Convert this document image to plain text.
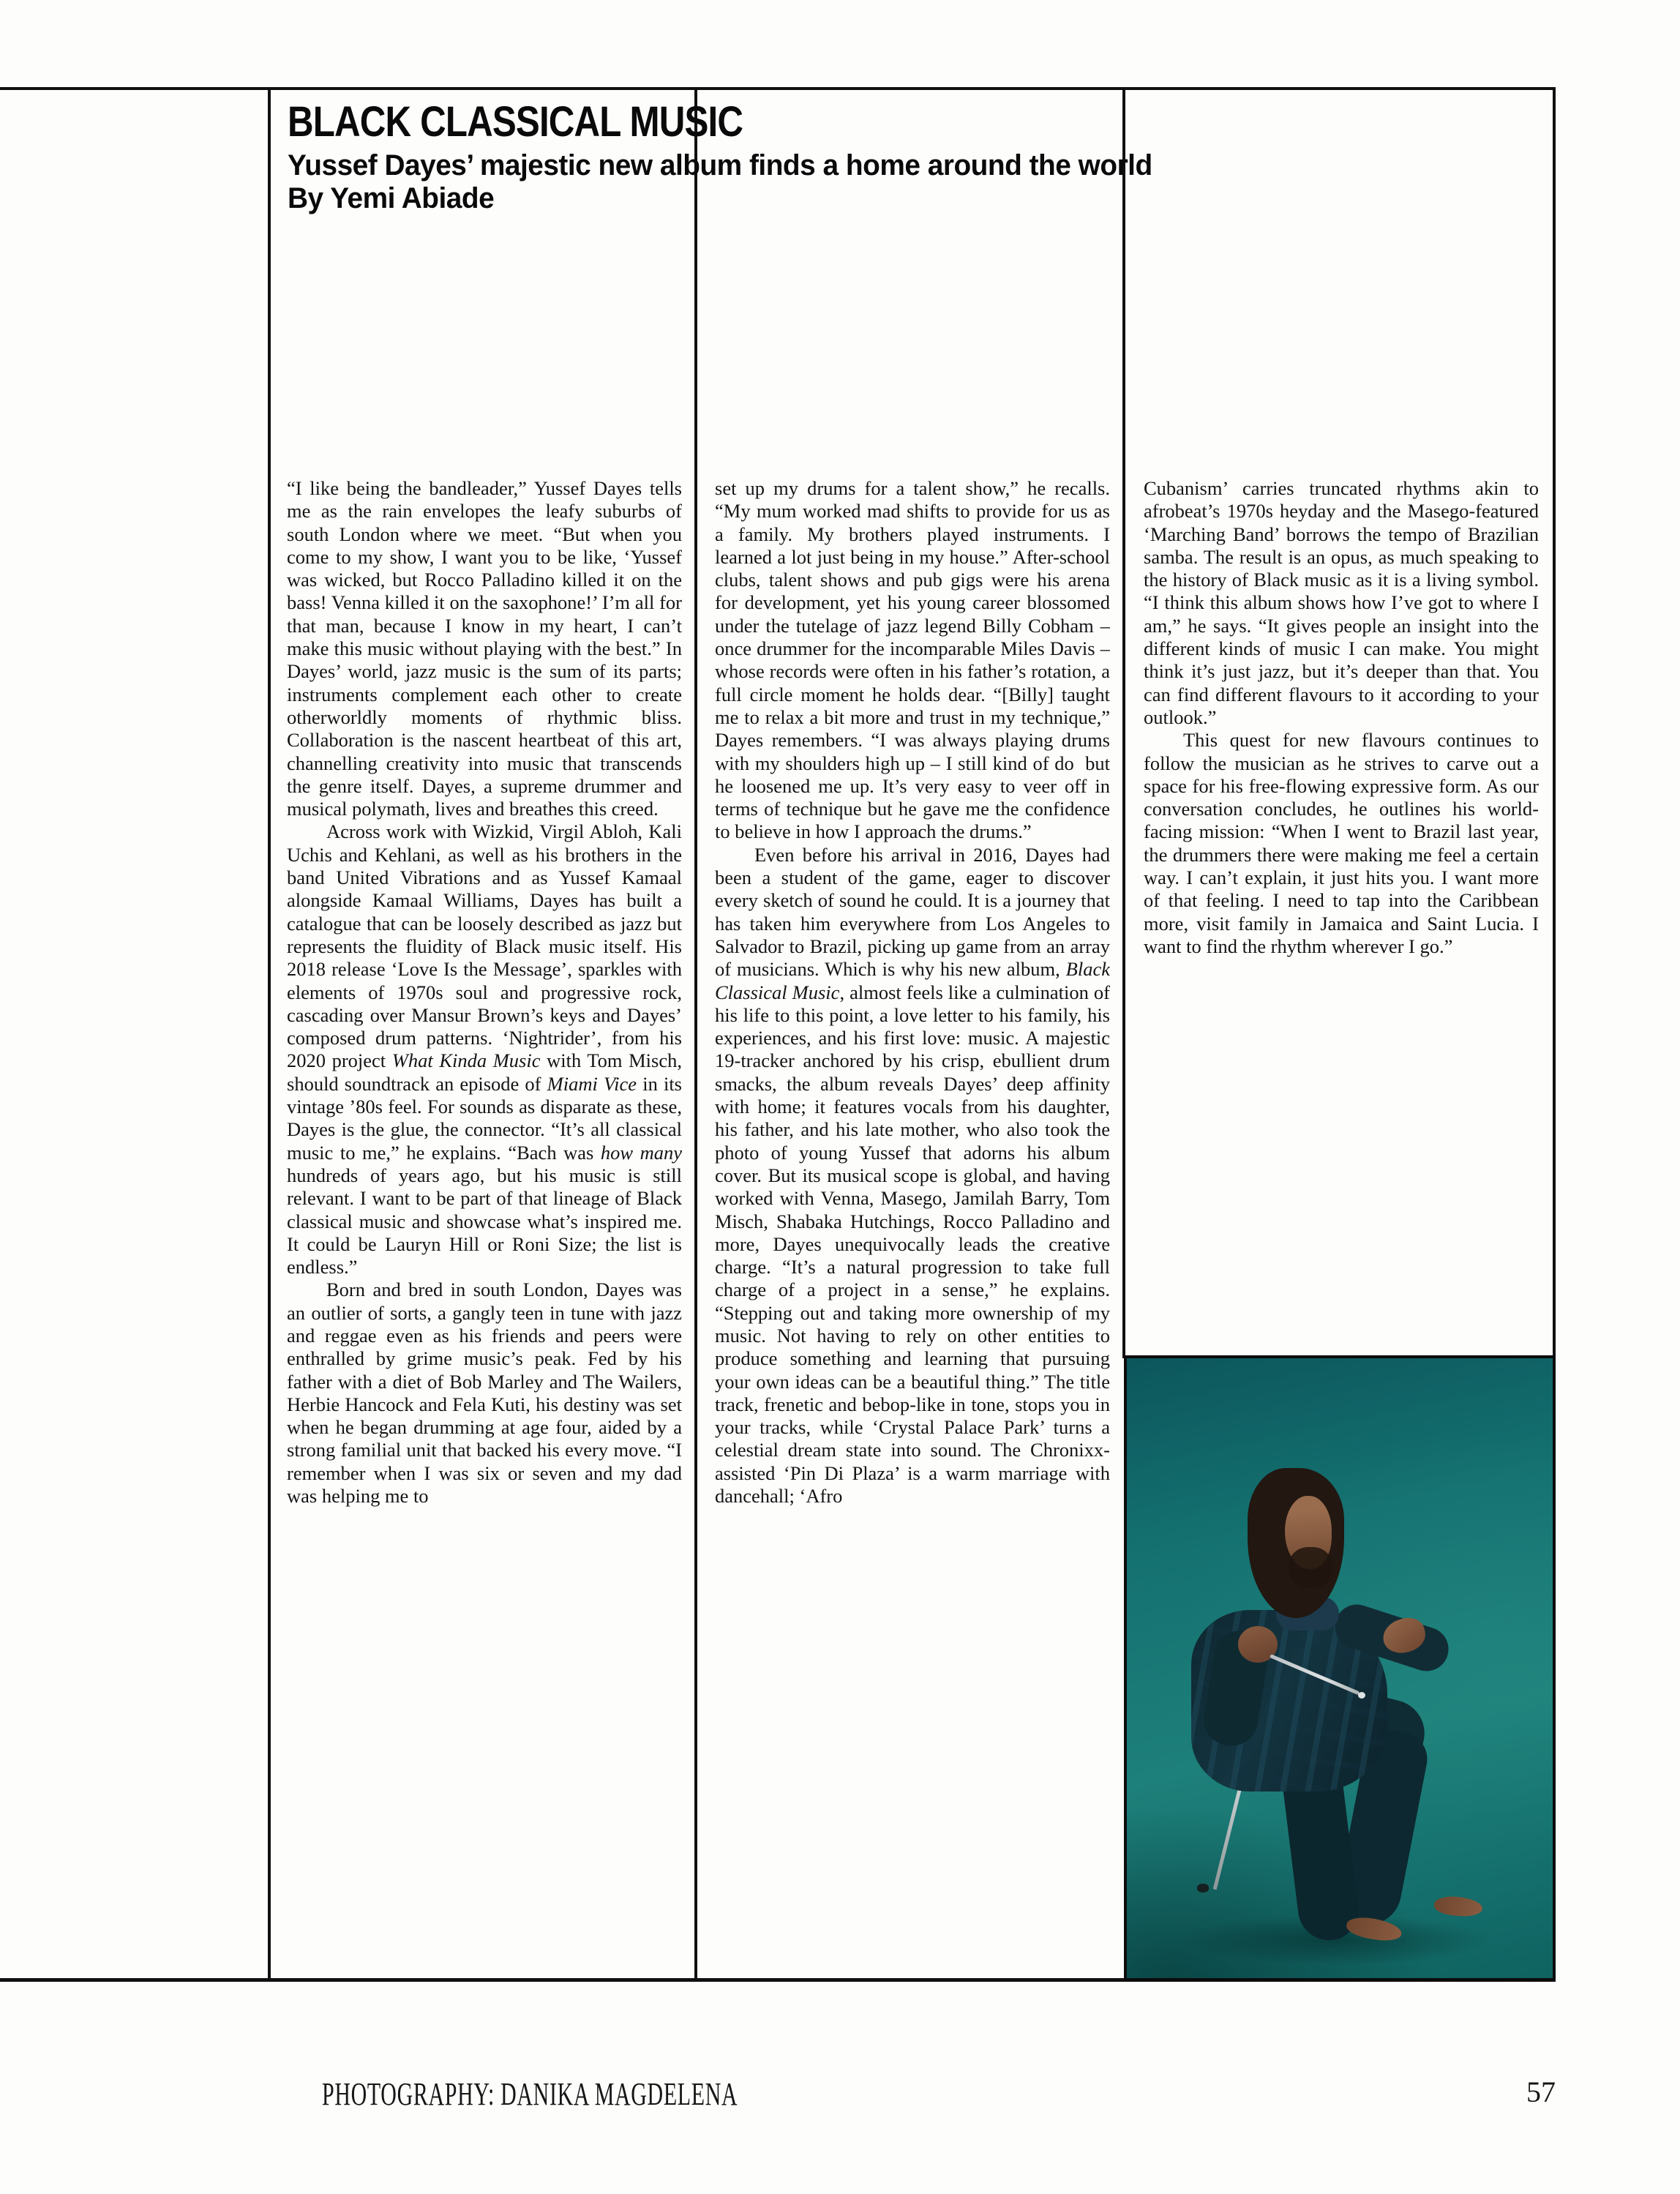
BLACK CLASSICAL MUSIC
Yussef Dayes’ majestic new album finds a home around the world
By Yemi Abiade

“I like being the bandleader,” Yussef Dayes tells me as the rain envelopes the leafy suburbs of south London where we meet. “But when you come to my show, I want you to be like, ‘Yussef was wicked, but Rocco Palladino killed it on the bass! Venna killed it on the saxophone!’ I’m all for that man, because I know in my heart, I can’t make this music without playing with the best.” In Dayes’ world, jazz music is the sum of its parts; instruments complement each other to create otherworldly moments of rhythmic bliss. Collaboration is the nascent heartbeat of this art, channelling creativity into music that transcends the genre itself. Dayes, a supreme drummer and musical polymath, lives and breathes this creed.

Across work with Wizkid, Virgil Abloh, Kali Uchis and Kehlani, as well as his brothers in the band United Vibrations and as Yussef Kamaal alongside Kamaal Williams, Dayes has built a catalogue that can be loosely described as jazz but represents the fluidity of Black music itself. His 2018 release ‘Love Is the Message’, sparkles with elements of 1970s soul and progressive rock, cascading over Mansur Brown’s keys and Dayes’ composed drum patterns. ‘Nightrider’, from his 2020 project What Kinda Music with Tom Misch, should soundtrack an episode of Miami Vice in its vintage ’80s feel. For sounds as disparate as these, Dayes is the glue, the connector. “It’s all classical music to me,” he explains. “Bach was how many hundreds of years ago, but his music is still relevant. I want to be part of that lineage of Black classical music and showcase what’s inspired me. It could be Lauryn Hill or Roni Size; the list is endless.”

Born and bred in south London, Dayes was an outlier of sorts, a gangly teen in tune with jazz and reggae even as his friends and peers were enthralled by grime music’s peak. Fed by his father with a diet of Bob Marley and The Wailers, Herbie Hancock and Fela Kuti, his destiny was set when he began drumming at age four, aided by a strong familial unit that backed his every move. “I remember when I was six or seven and my dad was helping me to

set up my drums for a talent show,” he recalls. “My mum worked mad shifts to provide for us as a family. My brothers played instruments. I learned a lot just being in my house.” After-school clubs, talent shows and pub gigs were his arena for development, yet his young career blossomed under the tutelage of jazz legend Billy Cobham – once drummer for the incomparable Miles Davis – whose records were often in his father’s rotation, a full circle moment he holds dear. “[Billy] taught me to relax a bit more and trust in my technique,” Dayes remembers. “I was always playing drums with my shoulders high up – I still kind of do  but he loosened me up. It’s very easy to veer off in terms of technique but he gave me the confidence to believe in how I approach the drums.”

Even before his arrival in 2016, Dayes had been a student of the game, eager to discover every sketch of sound he could. It is a journey that has taken him everywhere from Los Angeles to Salvador to Brazil, picking up game from an array of musicians. Which is why his new album, Black Classical Music, almost feels like a culmination of his life to this point, a love letter to his family, his experiences, and his first love: music. A majestic 19-tracker anchored by his crisp, ebullient drum smacks, the album reveals Dayes’ deep affinity with home; it features vocals from his daughter, his father, and his late mother, who also took the photo of young Yussef that adorns his album cover. But its musical scope is global, and having worked with Venna, Masego, Jamilah Barry, Tom Misch, Shabaka Hutchings, Rocco Palladino and more, Dayes unequivocally leads the creative charge. “It’s a natural progression to take full charge of a project in a sense,” he explains. “Stepping out and taking more ownership of my music. Not having to rely on other entities to produce something and learning that pursuing your own ideas can be a beautiful thing.” The title track, frenetic and bebop-like in tone, stops you in your tracks, while ‘Crystal Palace Park’ turns a celestial dream state into sound. The Chronixx-assisted ‘Pin Di Plaza’ is a warm marriage with dancehall; ‘Afro

Cubanism’ carries truncated rhythms akin to afrobeat’s 1970s heyday and the Masego-featured ‘Marching Band’ borrows the tempo of Brazilian samba. The result is an opus, as much speaking to the history of Black music as it is a living symbol. “I think this album shows how I’ve got to where I am,” he says. “It gives people an insight into the different kinds of music I can make. You might think it’s just jazz, but it’s deeper than that. You can find different flavours to it according to your outlook.”

This quest for new flavours continues to follow the musician as he strives to carve out a space for his free-flowing expressive form. As our conversation concludes, he outlines his world-facing mission: “When I went to Brazil last year, the drummers there were making me feel a certain way. I can’t explain, it just hits you. I want more of that feeling. I need to tap into the Caribbean more, visit family in Jamaica and Saint Lucia. I want to find the rhythm wherever I go.”

PHOTOGRAPHY: DANIKA MAGDELENA	57
